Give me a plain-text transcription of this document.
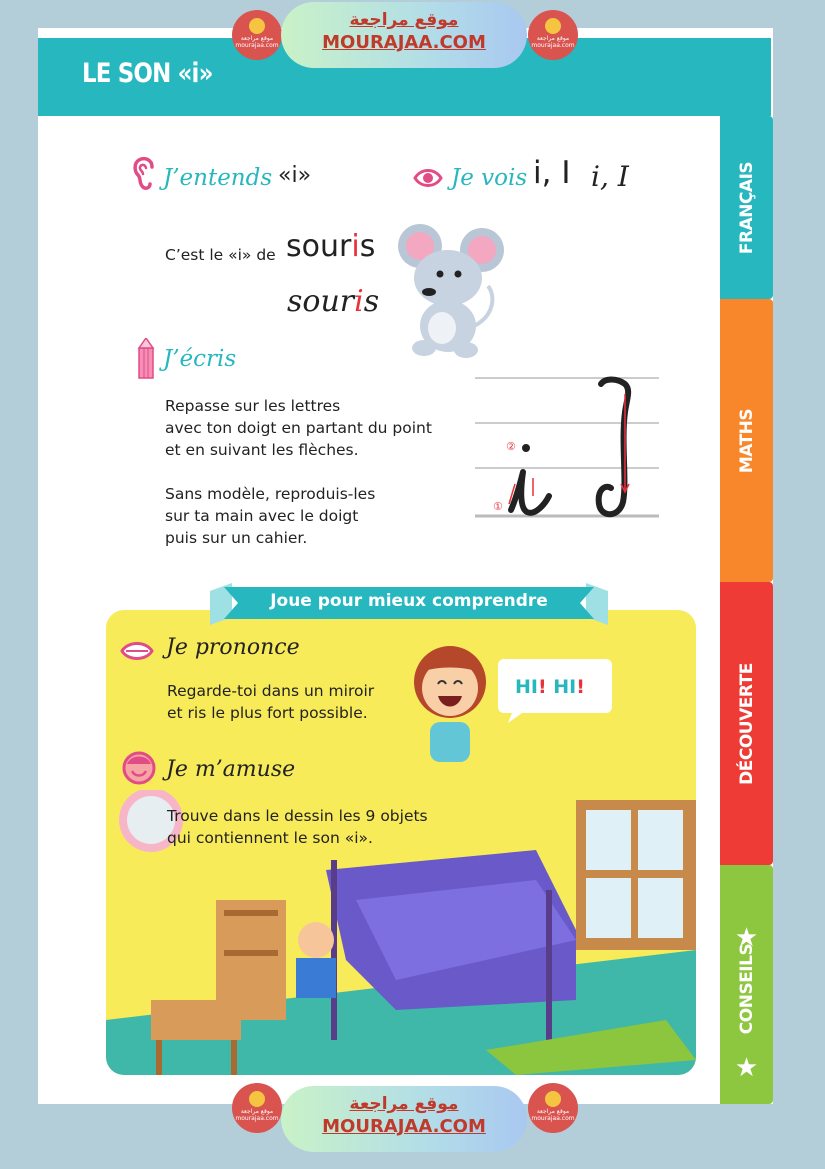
LE SON «i»
FRANÇAIS
MATHS
DÉCOUVERTE
★
CONSEILS
★
موقع مراجعة mourajaa.com
موقع مراجعة
MOURAJAA.COM	موقع مراجعة mourajaa.com
J’entends «i»	Je vois i, I i, I
C’est le «i» de souris
souris
J’écris
Repasse sur les lettres
avec ton doigt en partant du point
et en suivant les flèches.
Sans modèle, reproduis-les
sur ta main avec le doigt
puis sur un cahier.
①
②
Joue pour mieux comprendre
Je prononce
Regarde-toi dans un miroir
et ris le plus fort possible.
HI! HI!
Je m’amuse
Trouve dans le dessin les 9 objets
qui contiennent le son «i».
موقع مراجعة mourajaa.com
موقع مراجعة
MOURAJAA.COM
موقع مراجعة mourajaa.com
